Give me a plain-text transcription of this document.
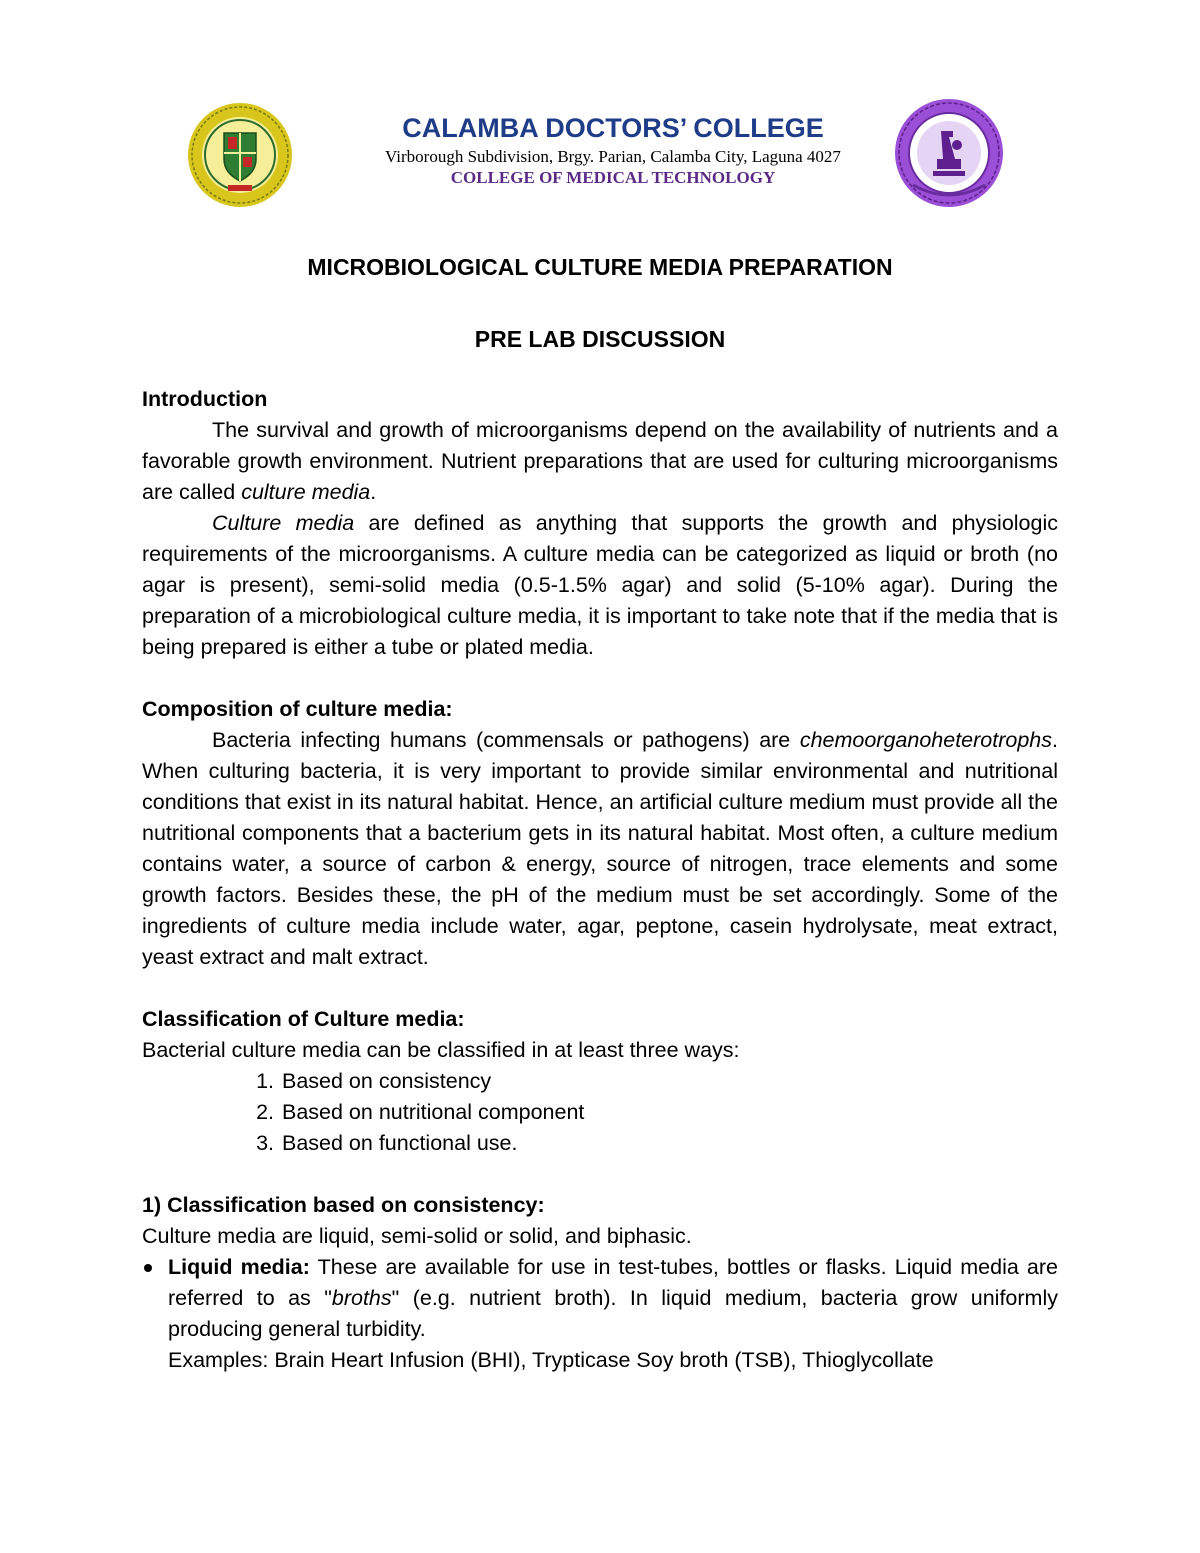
CALAMBA DOCTORS’ COLLEGE
Virborough Subdivision, Brgy. Parian, Calamba City, Laguna 4027
COLLEGE OF MEDICAL TECHNOLOGY
MICROBIOLOGICAL CULTURE MEDIA PREPARATION
PRE LAB DISCUSSION

Introduction

The survival and growth of microorganisms depend on the availability of nutrients and a favorable growth environment. Nutrient preparations that are used for culturing microorganisms are called culture media.

Culture media are defined as anything that supports the growth and physiologic requirements of the microorganisms. A culture media can be categorized as liquid or broth (no agar is present), semi-solid media (0.5-1.5% agar) and solid (5-10% agar). During the preparation of a microbiological culture media, it is important to take note that if the media that is being prepared is either a tube or plated media.

Composition of culture media:

Bacteria infecting humans (commensals or pathogens) are chemoorganoheterotrophs. When culturing bacteria, it is very important to provide similar environmental and nutritional conditions that exist in its natural habitat. Hence, an artificial culture medium must provide all the nutritional components that a bacterium gets in its natural habitat. Most often, a culture medium contains water, a source of carbon & energy, source of nitrogen, trace elements and some growth factors. Besides these, the pH of the medium must be set accordingly. Some of the ingredients of culture media include water, agar, peptone, casein hydrolysate, meat extract, yeast extract and malt extract.

Classification of Culture media:

Bacterial culture media can be classified in at least three ways:

1. Based on consistency
2. Based on nutritional component
3. Based on functional use.

1) Classification based on consistency:

Culture media are liquid, semi-solid or solid, and biphasic.

Liquid media: These are available for use in test-tubes, bottles or flasks. Liquid media are referred to as "broths" (e.g. nutrient broth). In liquid medium, bacteria grow uniformly producing general turbidity.

Examples: Brain Heart Infusion (BHI), Trypticase Soy broth (TSB), Thioglycollate
